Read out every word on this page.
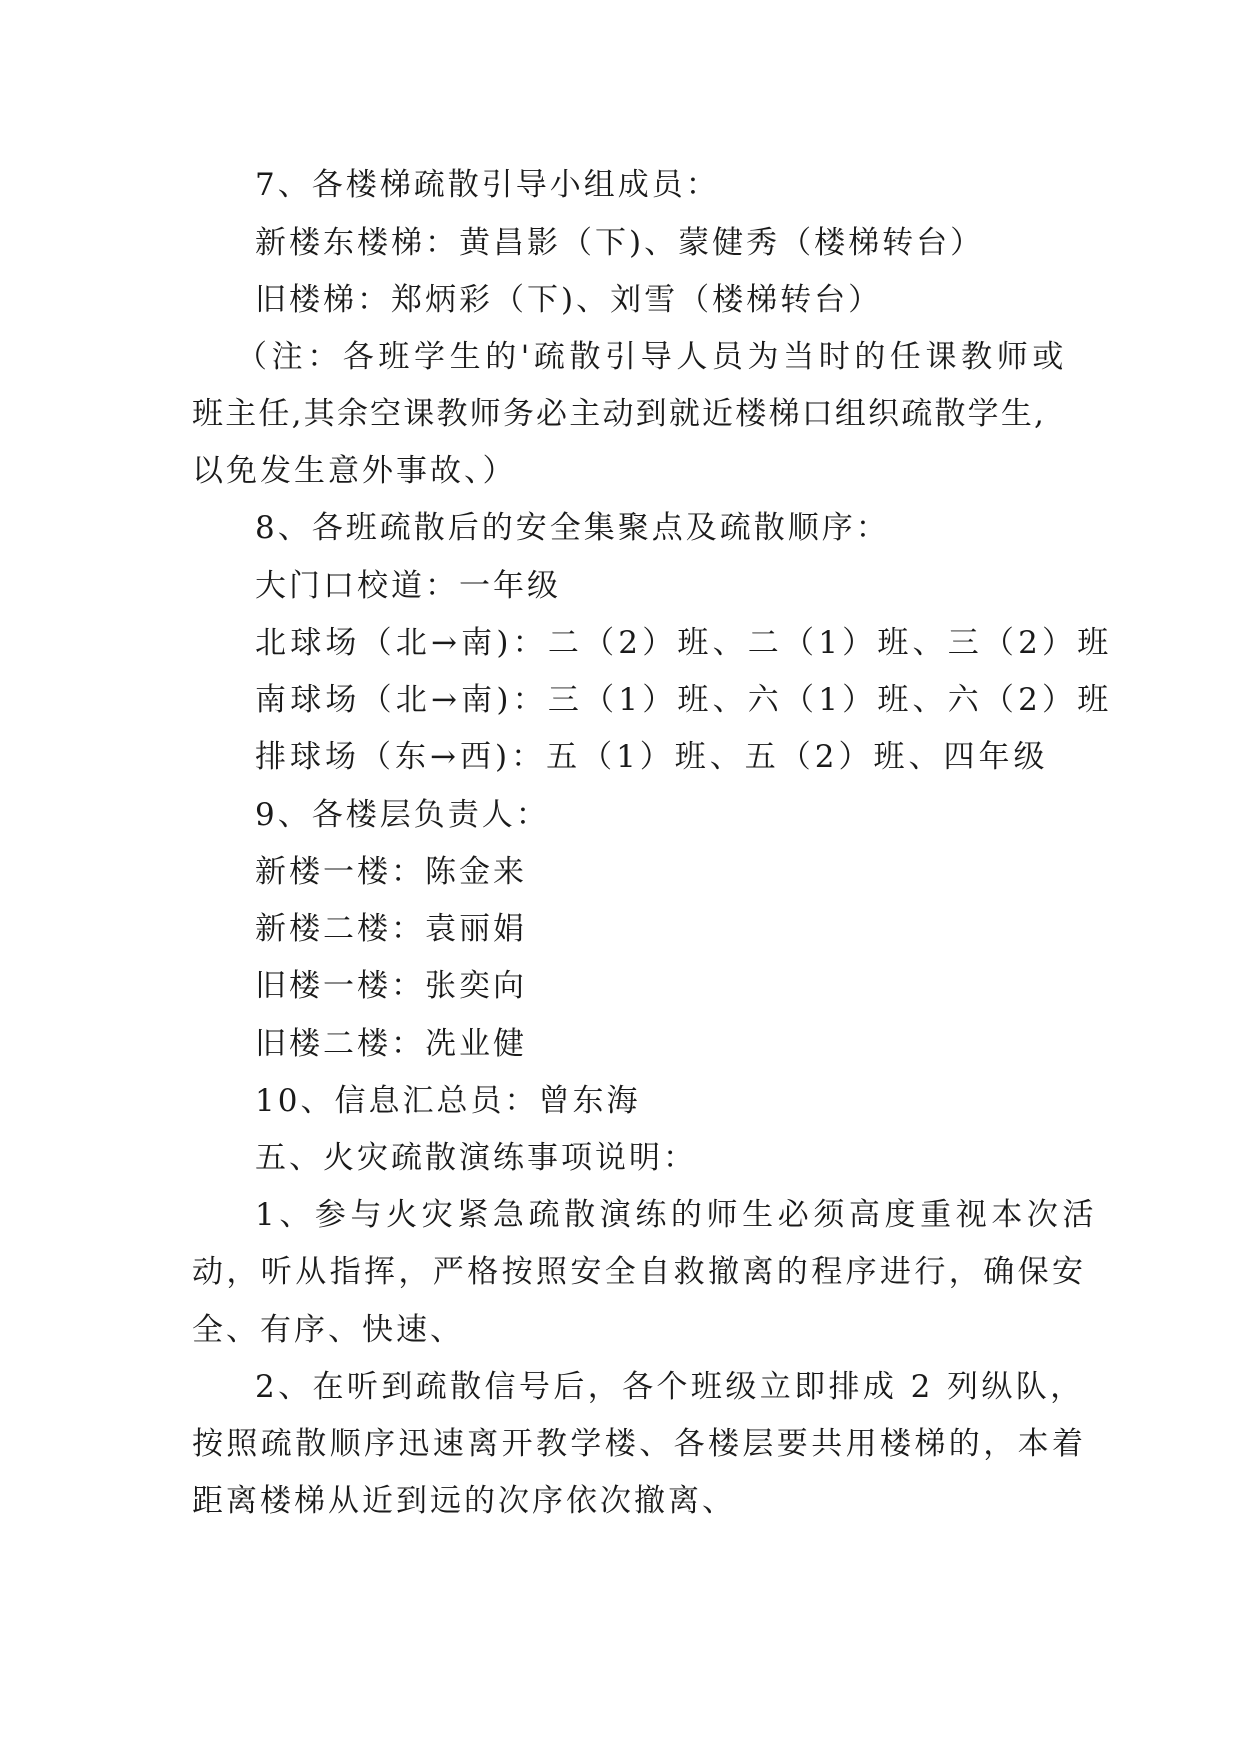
7、各楼梯疏散引导小组成员：
新楼东楼梯：黄昌影（下)、蒙健秀（楼梯转台）
旧楼梯：郑炳彩（下)、刘雪（楼梯转台）
（注：各班学生的'疏散引导人员为当时的任课教师或
班主任,其余空课教师务必主动到就近楼梯口组织疏散学生,
以免发生意外事故、）
8、各班疏散后的安全集聚点及疏散顺序：
大门口校道：一年级
北球场（北→南)：二（2）班、二（1）班、三（2）班
南球场（北→南)：三（1）班、六（1）班、六（2）班
排球场（东→西)：五（1）班、五（2）班、四年级
9、各楼层负责人：
新楼一楼：陈金来
新楼二楼：袁丽娟
旧楼一楼：张奕向
旧楼二楼：冼业健
10、信息汇总员：曾东海
五、火灾疏散演练事项说明：
1、参与火灾紧急疏散演练的师生必须高度重视本次活
动，听从指挥，严格按照安全自救撤离的程序进行，确保安
全、有序、快速、
2、在听到疏散信号后，各个班级立即排成 2 列纵队，
按照疏散顺序迅速离开教学楼、各楼层要共用楼梯的，本着
距离楼梯从近到远的次序依次撤离、
